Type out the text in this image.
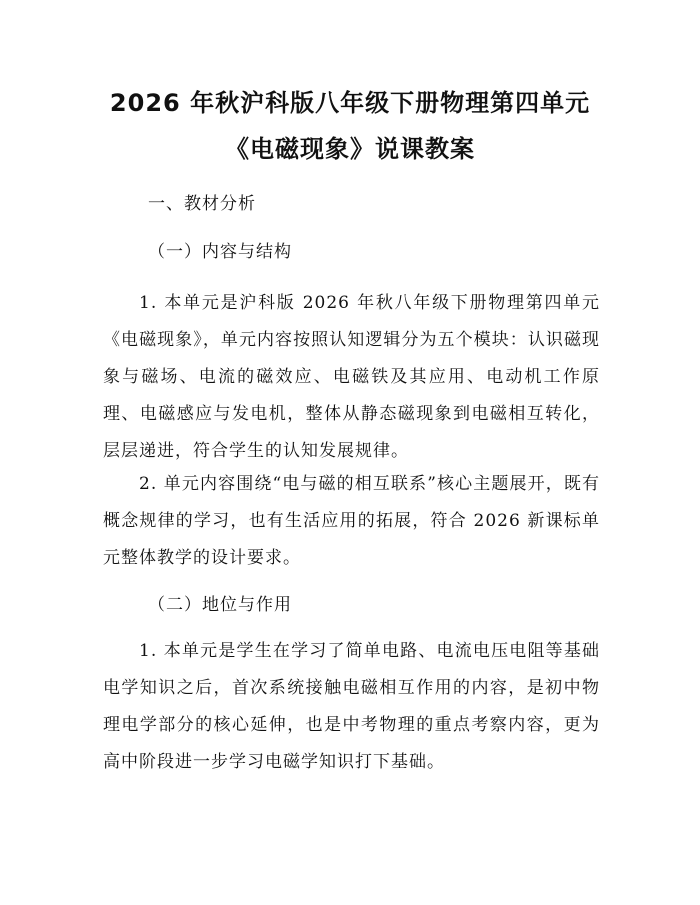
2026 年秋沪科版八年级下册物理第四单元
《电磁现象》说课教案
一、教材分析
（一）内容与结构
1. 本单元是沪科版 2026 年秋八年级下册物理第四单元《电磁现象》，单元内容按照认知逻辑分为五个模块：认识磁现象与磁场、电流的磁效应、电磁铁及其应用、电动机工作原理、电磁感应与发电机，整体从静态磁现象到电磁相互转化，层层递进，符合学生的认知发展规律。
2. 单元内容围绕“电与磁的相互联系”核心主题展开，既有概念规律的学习，也有生活应用的拓展，符合 2026 新课标单元整体教学的设计要求。
（二）地位与作用
1. 本单元是学生在学习了简单电路、电流电压电阻等基础电学知识之后，首次系统接触电磁相互作用的内容，是初中物理电学部分的核心延伸，也是中考物理的重点考察内容，更为高中阶段进一步学习电磁学知识打下基础。
